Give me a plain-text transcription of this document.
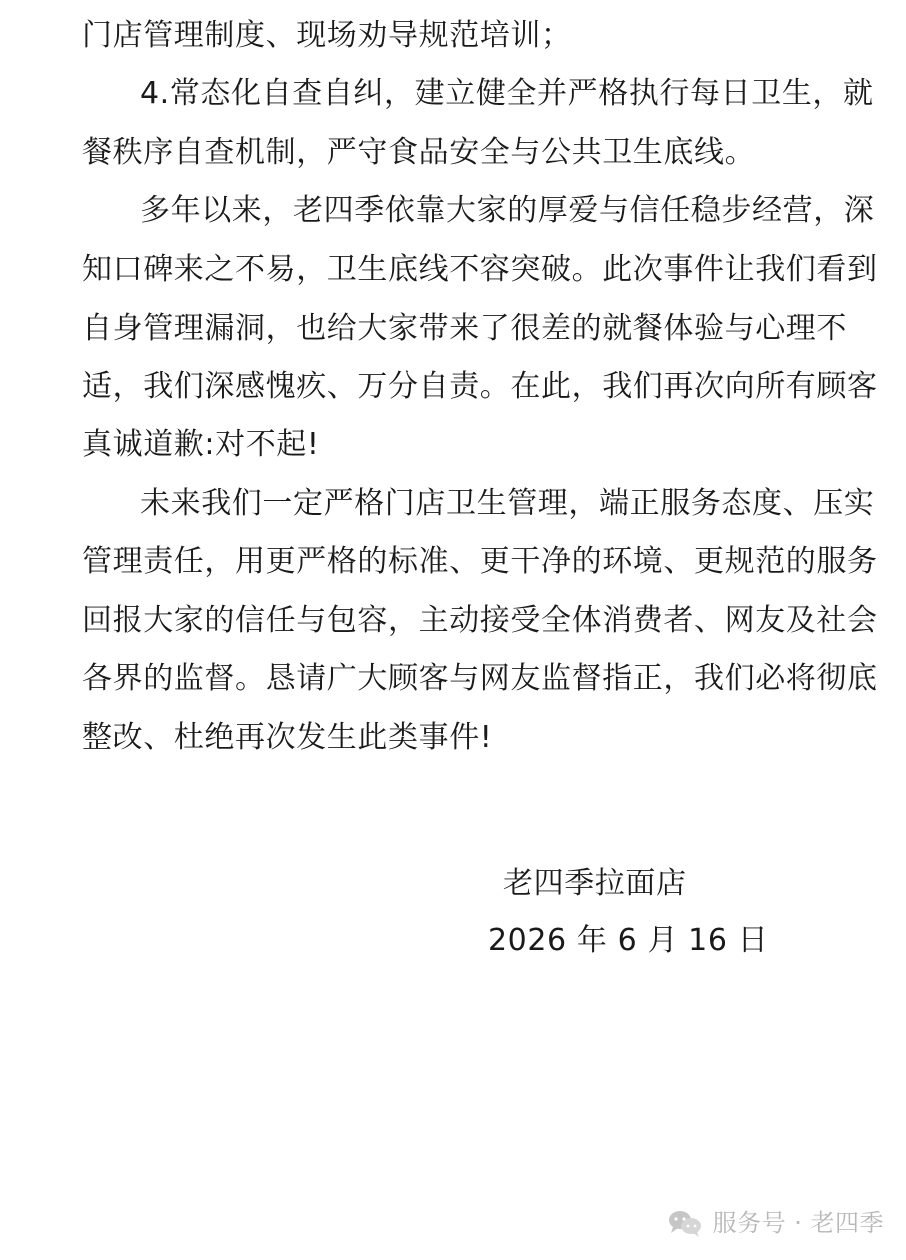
门店管理制度、现场劝导规范培训；
4.常态化自查自纠，建立健全并严格执行每日卫生，就
餐秩序自查机制，严守食品安全与公共卫生底线。
多年以来，老四季依靠大家的厚爱与信任稳步经营，深
知口碑来之不易，卫生底线不容突破。此次事件让我们看到
自身管理漏洞，也给大家带来了很差的就餐体验与心理不
适，我们深感愧疚、万分自责。在此，我们再次向所有顾客
真诚道歉:对不起!
未来我们一定严格门店卫生管理，端正服务态度、压实
管理责任，用更严格的标准、更干净的环境、更规范的服务
回报大家的信任与包容，主动接受全体消费者、网友及社会
各界的监督。恳请广大顾客与网友监督指正，我们必将彻底
整改、杜绝再次发生此类事件!
老四季拉面店
2026 年 6 月 16 日
服务号 · 老四季
